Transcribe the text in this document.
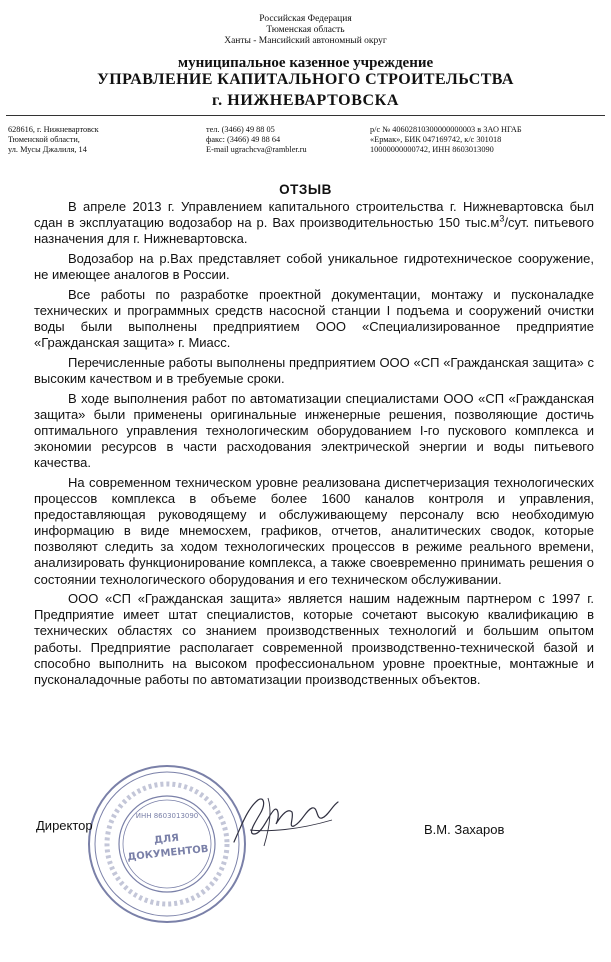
Российская Федерация
Тюменская область
Ханты - Мансийский автономный округ
муниципальное казенное учреждение
УПРАВЛЕНИЕ КАПИТАЛЬНОГО СТРОИТЕЛЬСТВА
г. НИЖНЕВАРТОВСКА
628616, г. Нижневартовск
Тюменской области,
ул. Мусы Джалиля, 14
тел. (3466) 49 88 05
факс: (3466) 49 88 64
E-mail ugrachcva@rambler.ru
р/с № 40602810300000000003 в ЗАО НГАБ
«Ермак», БИК 047169742, к/с 301018
10000000000742, ИНН 8603013090
ОТЗЫВ

В апреле 2013 г. Управлением капитального строительства г. Нижневартовска был сдан в эксплуатацию водозабор на р. Вах производительностью 150 $тыс.м^3$/сут. питьевого назначения для г. Нижневартовска.

Водозабор на р.Вах представляет собой уникальное гидротехническое сооружение, не имеющее аналогов в России.

Все работы по разработке проектной документации, монтажу и пусконаладке технических и программных средств насосной станции I подъема и сооружений очистки воды были выполнены предприятием ООО «Специализированное предприятие «Гражданская защита» г. Миасс.

Перечисленные работы выполнены предприятием ООО «СП «Гражданская защита» с высоким качеством и в требуемые сроки.

В ходе выполнения работ по автоматизации специалистами ООО «СП «Гражданская защита» были применены оригинальные инженерные решения, позволяющие достичь оптимального управления технологическим оборудованием I-го пускового комплекса и экономии ресурсов в части расходования электрической энергии и воды питьевого качества.

На современном техническом уровне реализована диспетчеризация технологических процессов комплекса в объеме более 1600 каналов контроля и управления, предоставляющая руководящему и обслуживающему персоналу всю необходимую информацию в виде мнемосхем, графиков, отчетов, аналитических сводок, которые позволяют следить за ходом технологических процессов в режиме реального времени, анализировать функционирование комплекса, а также своевременно принимать решения о состоянии технологического оборудования и его техническом обслуживании.

ООО «СП «Гражданская защита» является нашим надежным партнером с 1997 г. Предприятие имеет штат специалистов, которые сочетают высокую квалификацию в технических областях со знанием производственных технологий и большим опытом работы. Предприятие располагает современной производственно-технической базой и способно выполнить на высоком профессиональном уровне проектные, монтажные и пусконаладочные работы по автоматизации производственных объектов.

ИНН 8603013090
ДЛЯ
ДОКУМЕНТОВ
Директор	В.М. Захаров
